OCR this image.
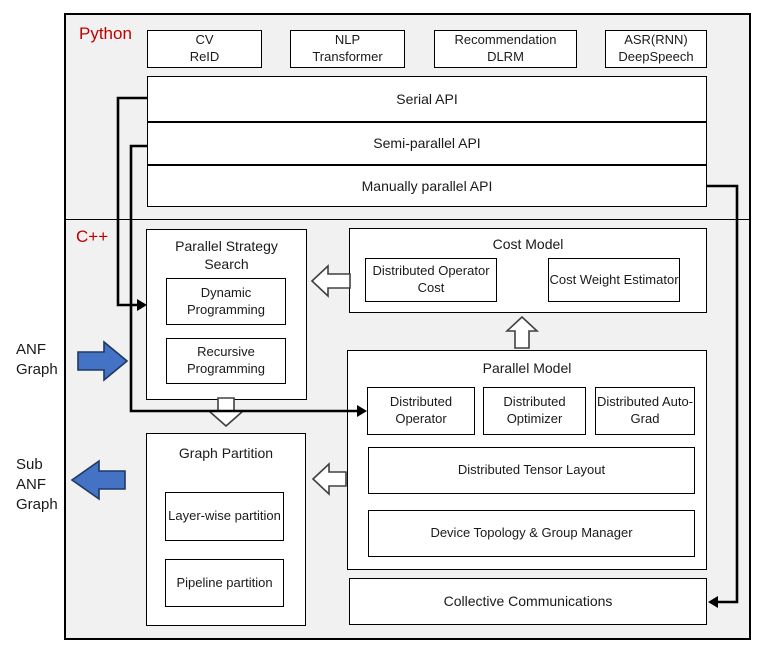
Python
C++
CV
ReID
NLP
Transformer
Recommendation
DLRM
ASR(RNN)
DeepSpeech
Serial API
Semi-parallel API
Manually parallel API
Parallel Strategy Search
Dynamic Programming
Recursive Programming
Cost Model
Distributed Operator Cost
Cost Weight Estimator
Parallel Model
Distributed Operator
Distributed Optimizer
Distributed Auto-Grad
Distributed Tensor Layout
Device Topology & Group Manager
Collective Communications
Graph Partition
Layer-wise partition
Pipeline partition
ANF
Graph
Sub
ANF
Graph
